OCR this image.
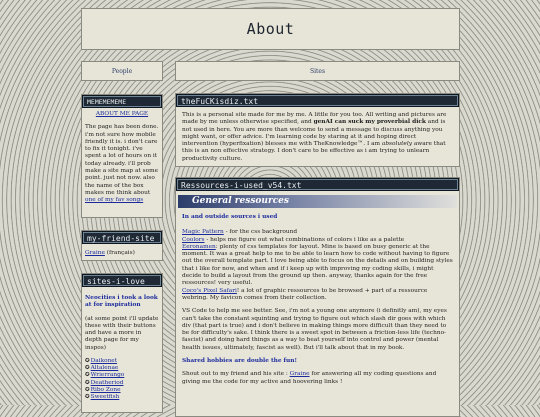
About
People	Sites
MEMEMEMEME

ABOUT ME PAGE

The page has been done. i'm not sure how mobile friendly it is. i don't care to fix it tonight. i've spent a lot of hours on it today already. i'll prob make a site map at some point. just not now. also the name of the box makes me think about one of my fav songs

my-friend-site
Graine (français)
sites-i-love

Neocities i took a look at for inspiration

(at some point i'll update these with their buttons and have a more in depth page for my inspos)

✪Daikonet
✪Altalenae
✪Wrierrango
✪Deatheriod
✪Ribo Zone
✪Sweetfish
theFuCKisdiz.txt

This is a personal site made for me by me. A little for you too. All writing and pictures are made by me unless otherwise specified, and genAI can suck my proverbial dick and is not used in here. You are more than welcome to send a message to discuss anything you might want, or offer advice. I'm learning code by staring at it and hoping direct intervention (hyperfixation) blesses me with TheKnowledge™. I am absolutely aware that this is an non effective strategy. I don't care to be effective as i am trying to unlearn productivity culture.

Ressources-i-used_v54.txt
General ressources

In and outside sources i used

Magic Pattern - for the css background
Coolors - helps me figure out what combinations of colors i like as a palette
Eeronamen: plenty of css templates for layout. Mine is based on busy generic at the moment. It was a great help to me to be able to learn how to code without having to figure out the overall template part. I love being able to focus on the details and on building styles that i like for now, and when and if i keep up with improving my coding skills, i might decide to build a layout from the ground up then. anyway, thanks again for the free ressources! very useful.

Coco's Pixel Safari! a lot of graphic ressources to be browsed + part of a ressource webring. My favicon comes from their collection.

VS Code to help me see better. See, i'm not a young one anymore (i definitly am), my eyes can't take the constant squinting and trying to figure out which slash dir goes with which div (that part is true) and i don't believe in making things more difficult than they need to be for difficulty's sake. I think there is a sweet spot in between a friction-less life (techno-fascist) and doing hard things as a way to beat yourself into control and power (mental health issues, ultimately, fascist as well). But i'll talk about that in my book.

Shared hobbies are double the fun!

Shout out to my friend and his site : Graine for answering all my coding questions and giving me the code for my active and hoovering links !
